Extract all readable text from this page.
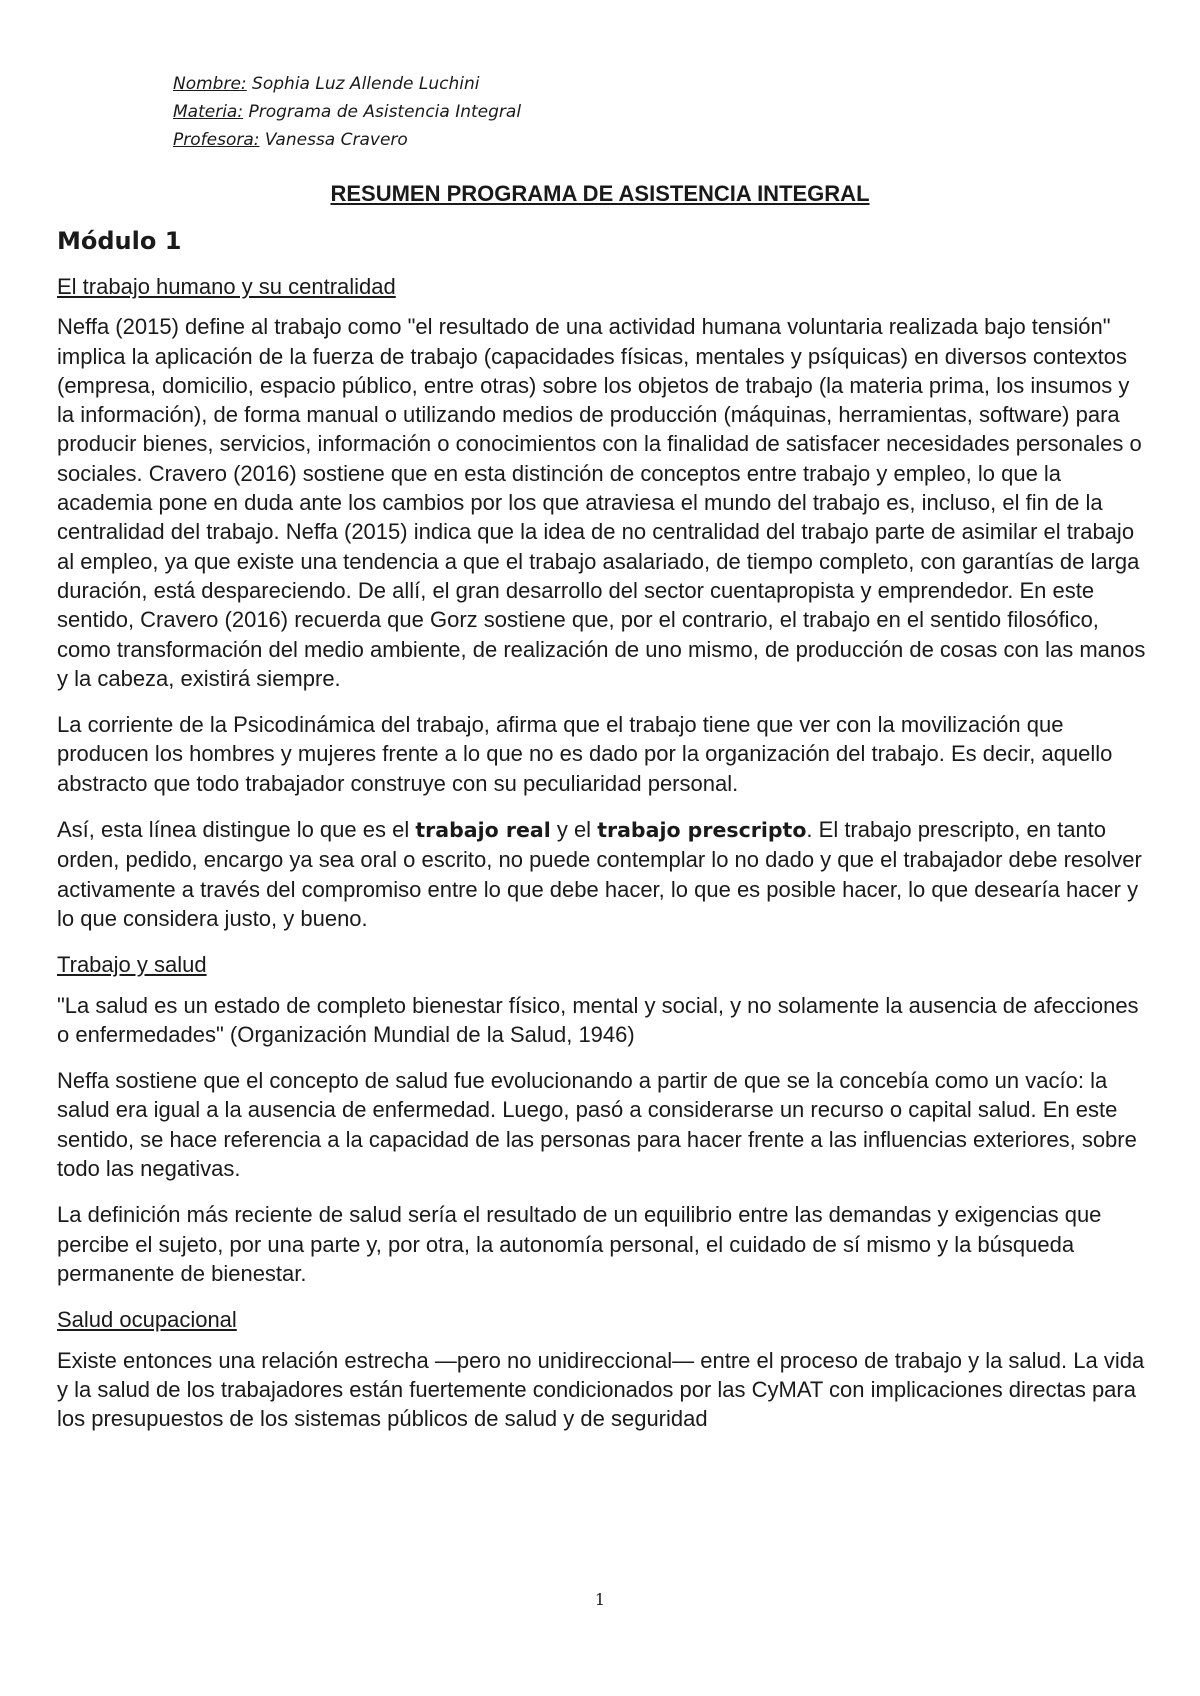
Nombre: Sophia Luz Allende Luchini
Materia: Programa de Asistencia Integral
Profesora: Vanessa Cravero
RESUMEN PROGRAMA DE ASISTENCIA INTEGRAL
Módulo 1

El trabajo humano y su centralidad

Neffa (2015) define al trabajo como "el resultado de una actividad humana voluntaria realizada bajo tensión" implica la aplicación de la fuerza de trabajo (capacidades físicas, mentales y psíquicas) en diversos contextos (empresa, domicilio, espacio público, entre otras) sobre los objetos de trabajo (la materia prima, los insumos y la información), de forma manual o utilizando medios de producción (máquinas, herramientas, software) para producir bienes, servicios, información o conocimientos con la finalidad de satisfacer necesidades personales o sociales. Cravero (2016) sostiene que en esta distinción de conceptos entre trabajo y empleo, lo que la academia pone en duda ante los cambios por los que atraviesa el mundo del trabajo es, incluso, el fin de la centralidad del trabajo. Neffa (2015) indica que la idea de no centralidad del trabajo parte de asimilar el trabajo al empleo, ya que existe una tendencia a que el trabajo asalariado, de tiempo completo, con garantías de larga duración, está despareciendo. De allí, el gran desarrollo del sector cuentapropista y emprendedor. En este sentido, Cravero (2016) recuerda que Gorz sostiene que, por el contrario, el trabajo en el sentido filosófico, como transformación del medio ambiente, de realización de uno mismo, de producción de cosas con las manos y la cabeza, existirá siempre.

La corriente de la Psicodinámica del trabajo, afirma que el trabajo tiene que ver con la movilización que producen los hombres y mujeres frente a lo que no es dado por la organización del trabajo. Es decir, aquello abstracto que todo trabajador construye con su peculiaridad personal.

Así, esta línea distingue lo que es el trabajo real y el trabajo prescripto. El trabajo prescripto, en tanto orden, pedido, encargo ya sea oral o escrito, no puede contemplar lo no dado y que el trabajador debe resolver activamente a través del compromiso entre lo que debe hacer, lo que es posible hacer, lo que desearía hacer y lo que considera justo, y bueno.

Trabajo y salud

"La salud es un estado de completo bienestar físico, mental y social, y no solamente la ausencia de afecciones o enfermedades" (Organización Mundial de la Salud, 1946)

Neffa sostiene que el concepto de salud fue evolucionando a partir de que se la concebía como un vacío: la salud era igual a la ausencia de enfermedad. Luego, pasó a considerarse un recurso o capital salud. En este sentido, se hace referencia a la capacidad de las personas para hacer frente a las influencias exteriores, sobre todo las negativas.

La definición más reciente de salud sería el resultado de un equilibrio entre las demandas y exigencias que percibe el sujeto, por una parte y, por otra, la autonomía personal, el cuidado de sí mismo y la búsqueda permanente de bienestar.

Salud ocupacional

Existe entonces una relación estrecha —pero no unidireccional— entre el proceso de trabajo y la salud. La vida y la salud de los trabajadores están fuertemente condicionados por las CyMAT con implicaciones directas para los presupuestos de los sistemas públicos de salud y de seguridad

1
